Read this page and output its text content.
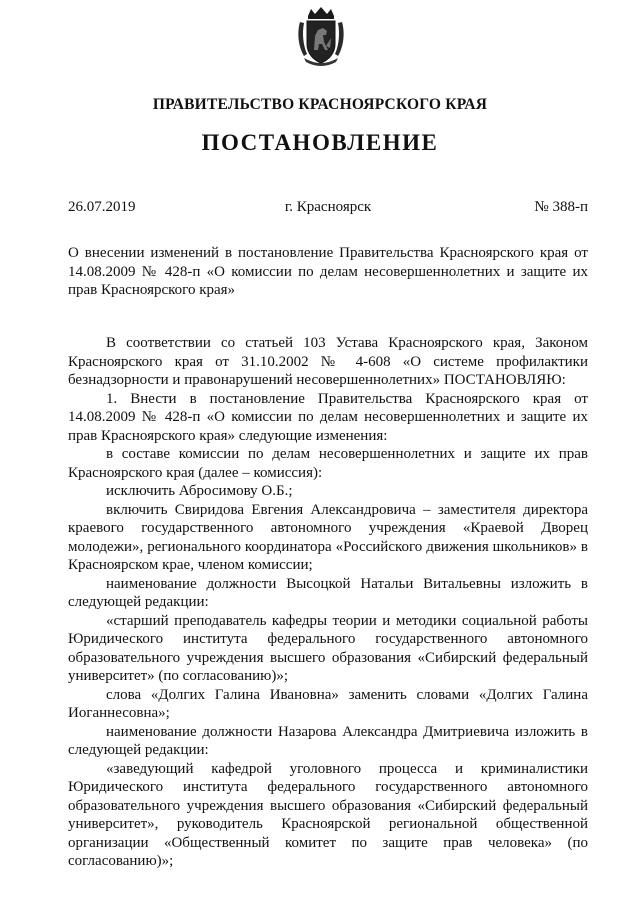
ПРАВИТЕЛЬСТВО КРАСНОЯРСКОГО КРАЯ
ПОСТАНОВЛЕНИЕ
26.07.2019	г. Красноярск	№ 388-п
О внесении изменений в постановление Правительства Красноярского края от 14.08.2009 № 428-п «О комиссии по делам несовершеннолетних и защите их прав Красноярского края»

В соответствии со статьей 103 Устава Красноярского края, Законом Красноярского края от 31.10.2002 № 4-608 «О системе профилактики безнадзорности и правонарушений несовершеннолетних» ПОСТАНОВЛЯЮ:

1. Внести в постановление Правительства Красноярского края от 14.08.2009 № 428-п «О комиссии по делам несовершеннолетних и защите их прав Красноярского края» следующие изменения:

в составе комиссии по делам несовершеннолетних и защите их прав Красноярского края (далее – комиссия):

исключить Абросимову О.Б.;

включить Свиридова Евгения Александровича – заместителя директора краевого государственного автономного учреждения «Краевой Дворец молодежи», регионального координатора «Российского движения школьников» в Красноярском крае, членом комиссии;

наименование должности Высоцкой Натальи Витальевны изложить в следующей редакции:

«старший преподаватель кафедры теории и методики социальной работы Юридического института федерального государственного автономного образовательного учреждения высшего образования «Сибирский федеральный университет» (по согласованию)»;

слова «Долгих Галина Ивановна» заменить словами «Долгих Галина Иоганнесовна»;

наименование должности Назарова Александра Дмитриевича изложить в следующей редакции:

«заведующий кафедрой уголовного процесса и криминалистики Юридического института федерального государственного автономного образовательного учреждения высшего образования «Сибирский федеральный университет», руководитель Красноярской региональной общественной организации «Общественный комитет по защите прав человека» (по согласованию)»;
